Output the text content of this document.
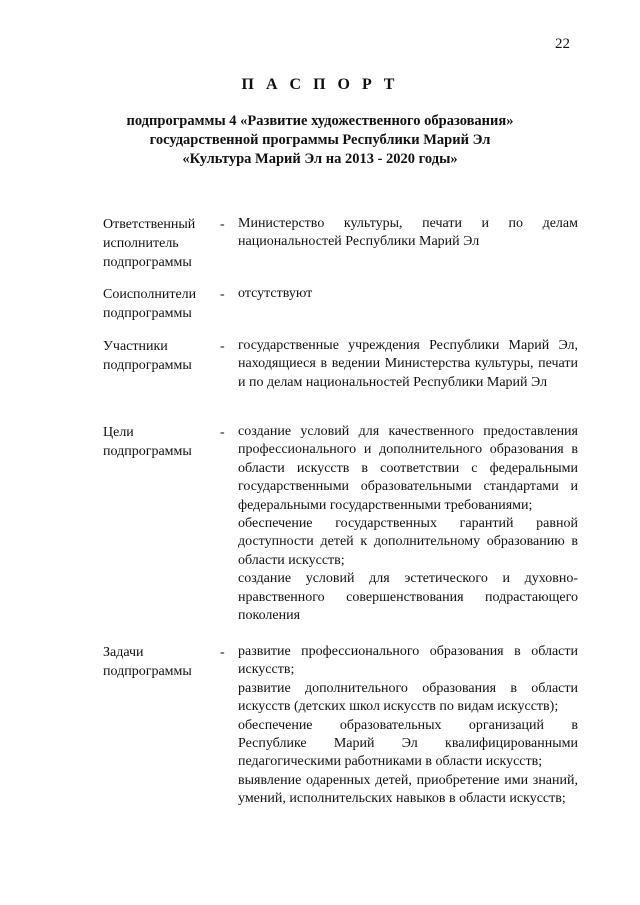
22
П А С П О Р Т
подпрограммы 4 «Развитие художественного образования»
государственной программы Республики Марий Эл
«Культура Марий Эл на 2013 - 2020 годы»
Ответственный
исполнитель
подпрограммы
- Министерство культуры, печати и по делам национальностей Республики Марий Эл

Соисполнители
подпрограммы
- отсутствуют

Участники
подпрограммы
- государственные учреждения Республики Марий Эл, находящиеся в ведении Министерства культуры, печати и по делам национальностей Республики Марий Эл

Цели
подпрограммы
- создание условий для качественного предоставления профессионального и дополнительного образования в области искусств в соответствии с федеральными государственными образовательными стандартами и федеральными государственными требованиями;

обеспечение государственных гарантий равной доступности детей к дополнительному образованию в области искусств;

создание условий для эстетического и духовно-нравственного совершенствования подрастающего поколения

Задачи
подпрограммы
- развитие профессионального образования в области искусств;

развитие дополнительного образования в области искусств (детских школ искусств по видам искусств);

обеспечение образовательных организаций в Республике Марий Эл квалифицированными педагогическими работниками в области искусств;

выявление одаренных детей, приобретение ими знаний, умений, исполнительских навыков в области искусств;
